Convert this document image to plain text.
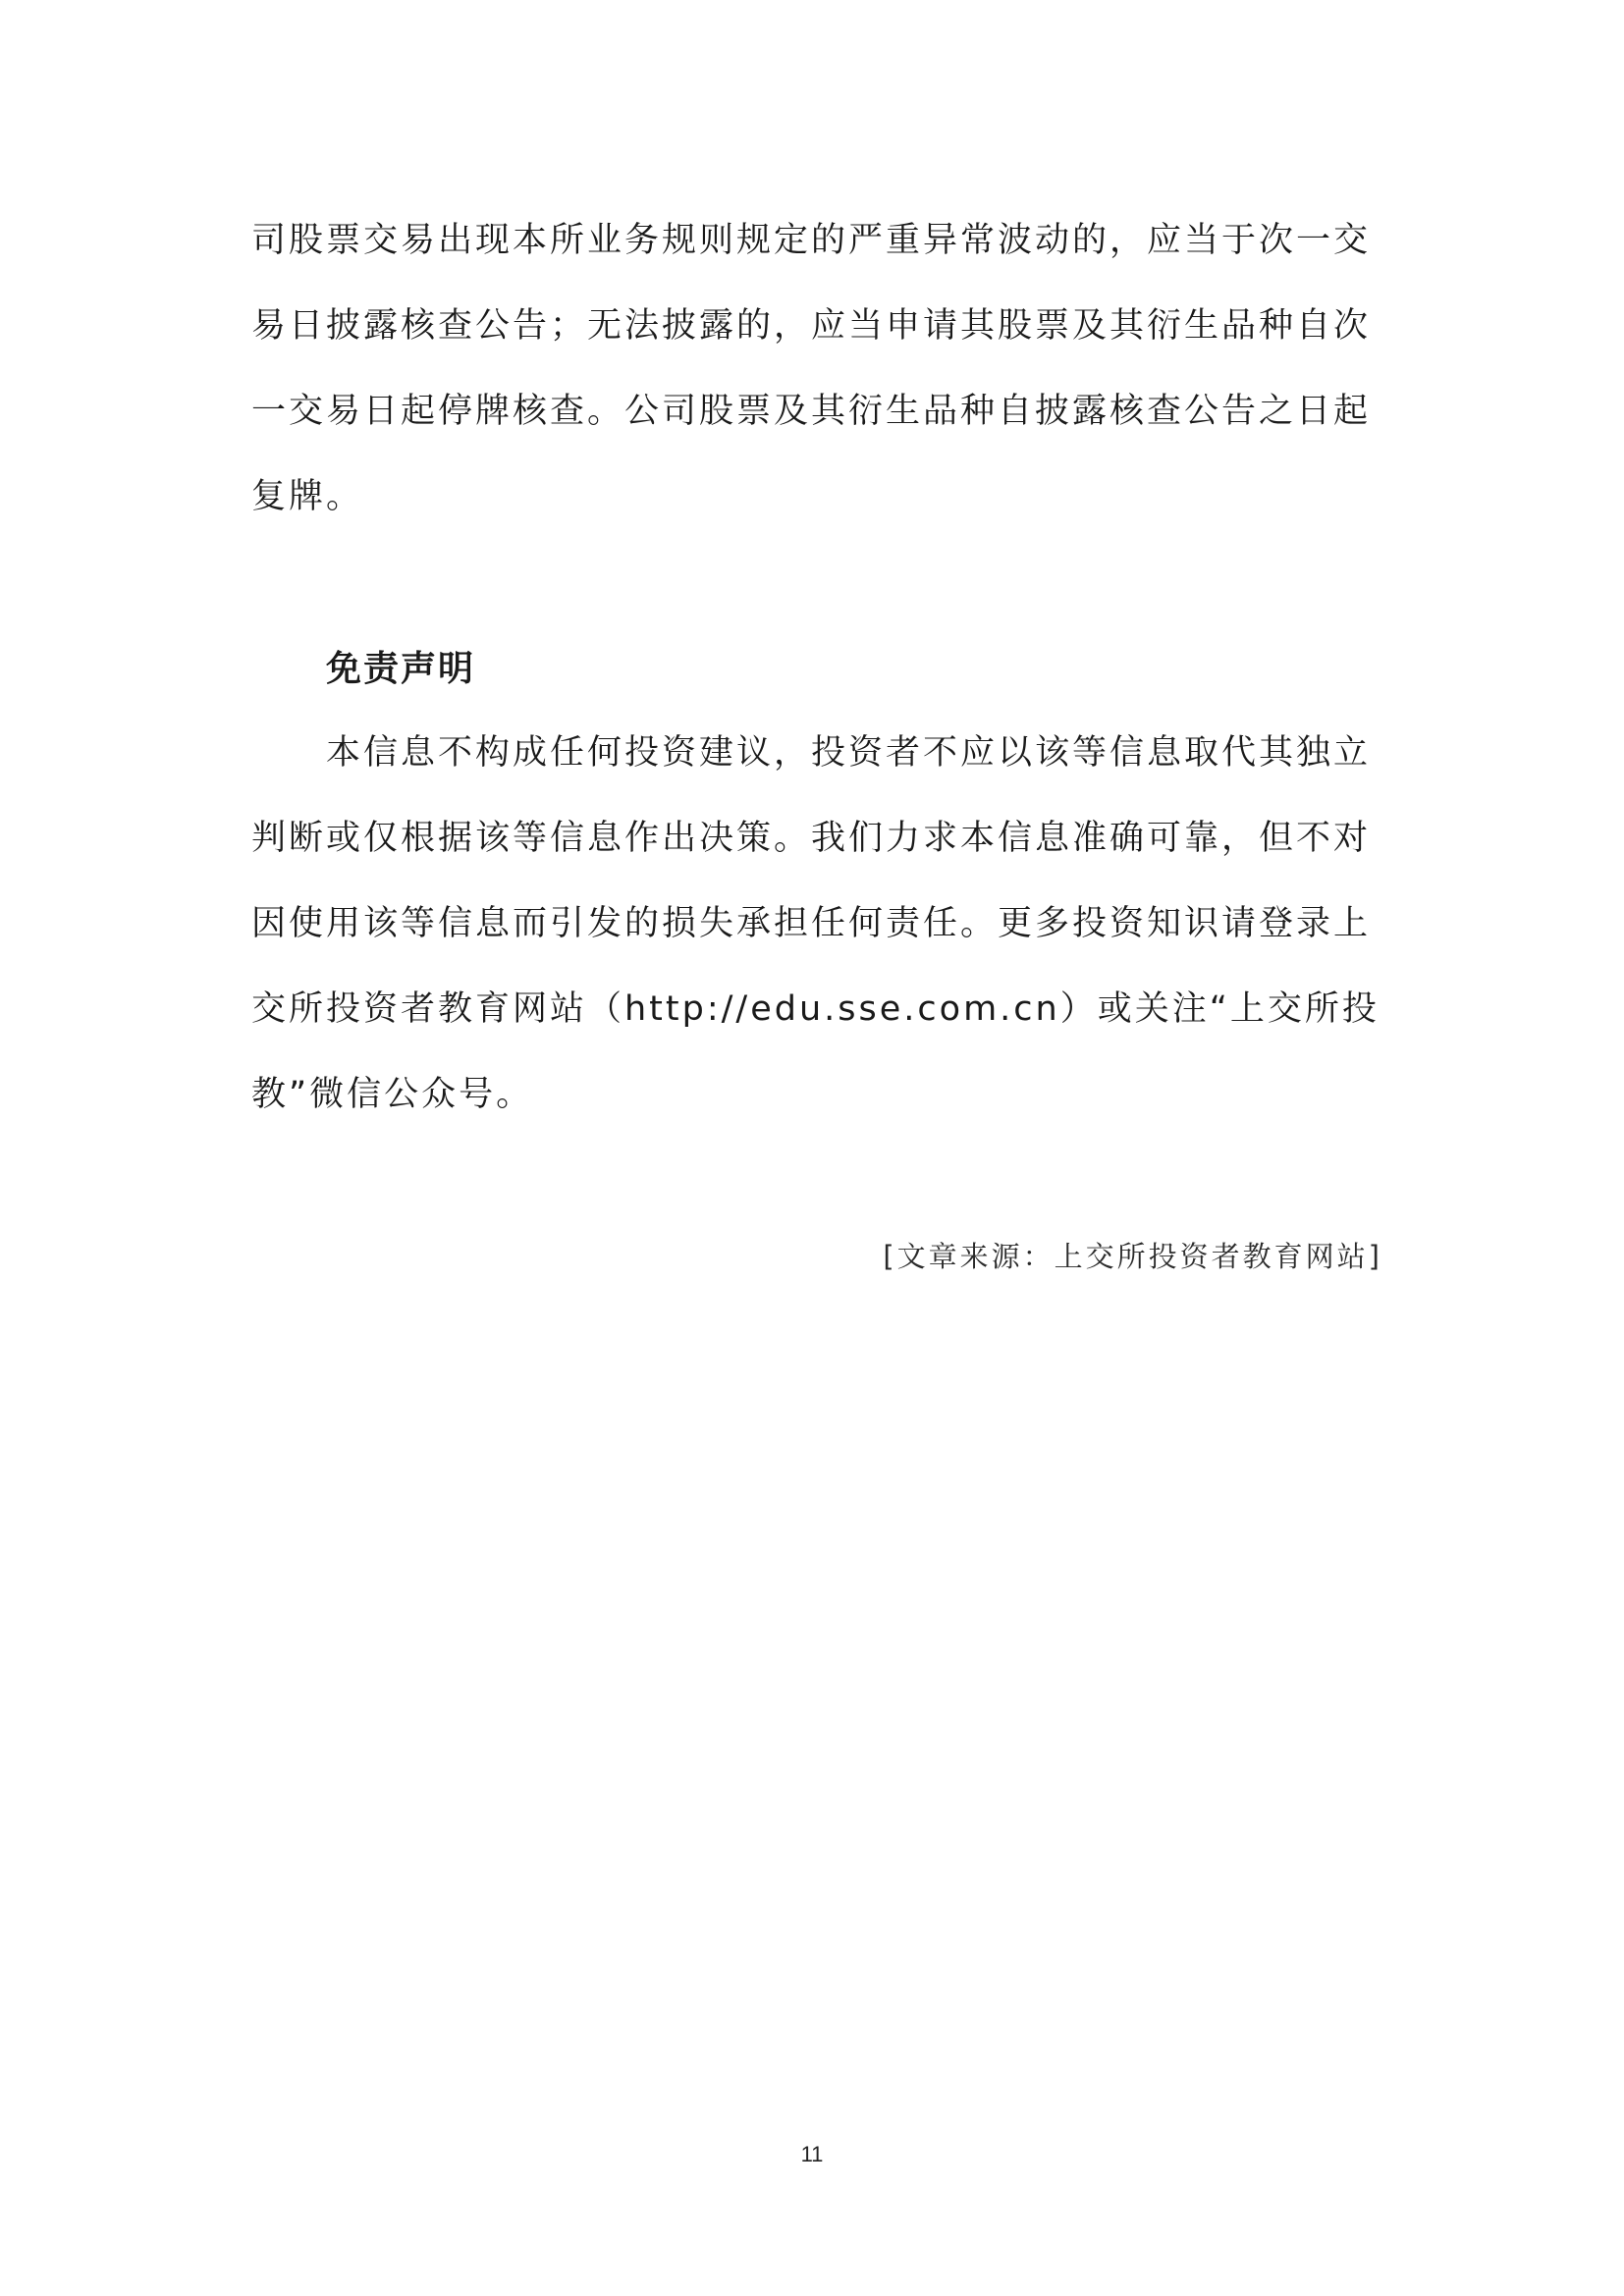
司股票交易出现本所业务规则规定的严重异常波动的，应当于次一交
易日披露核查公告；无法披露的，应当申请其股票及其衍生品种自次
一交易日起停牌核查。公司股票及其衍生品种自披露核查公告之日起
复牌。

免责声明

本信息不构成任何投资建议，投资者不应以该等信息取代其独立
判断或仅根据该等信息作出决策。我们力求本信息准确可靠，但不对
因使用该等信息而引发的损失承担任何责任。更多投资知识请登录上
交所投资者教育网站（http://edu.sse.com.cn）或关注“上交所投
教”微信公众号。

[文章来源：上交所投资者教育网站]

11
